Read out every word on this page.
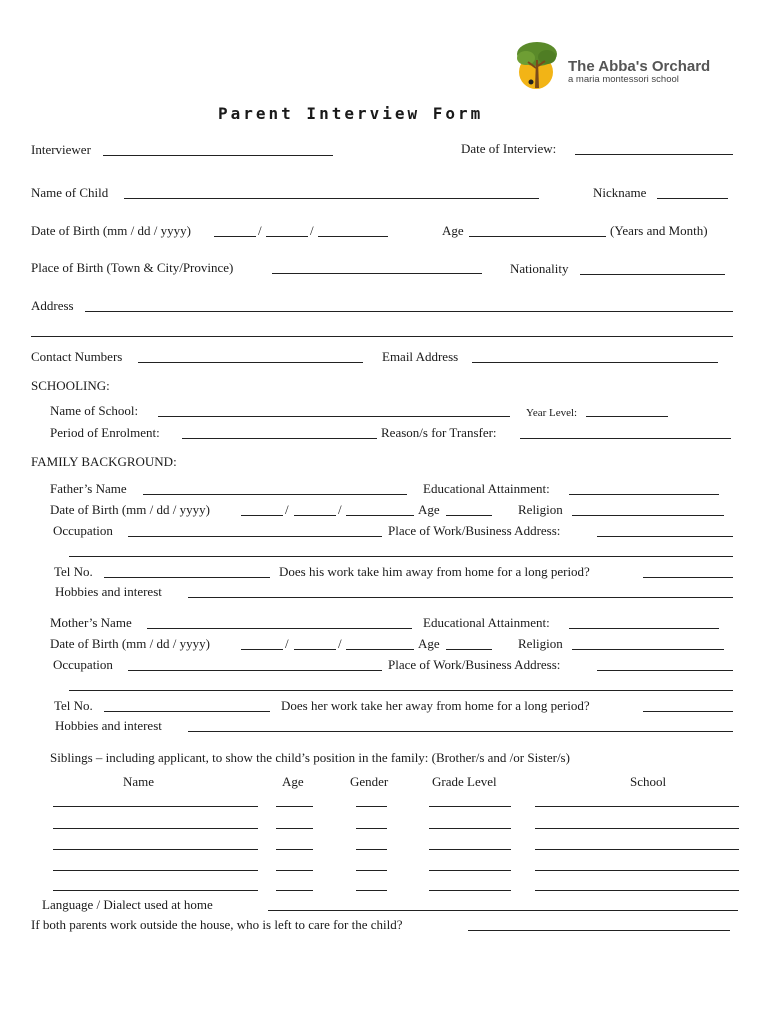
The Abba's Orchard
a maria montessori school
Parent Interview Form
Interviewer	Date of Interview:
Name of Child	Nickname
Date of Birth (mm / dd / yyyy)	/	/	Age	(Years and Month)
Place of Birth (Town & City/Province)	Nationality
Address
Contact Numbers	Email Address
SCHOOLING:
Name of School:	Year Level:
Period of Enrolment:	Reason/s for Transfer:
FAMILY BACKGROUND:
Father’s Name	Educational Attainment:
Date of Birth (mm / dd / yyyy)	/	/	Age	Religion
Occupation	Place of Work/Business Address:
Tel No.	Does his work take him away from home for a long period?
Hobbies and interest
Mother’s Name	Educational Attainment:
Date of Birth (mm / dd / yyyy)	/	/	Age	Religion
Occupation	Place of Work/Business Address:
Tel No.	Does her work take her away from home for a long period?
Hobbies and interest
Siblings – including applicant, to show the child’s position in the family: (Brother/s and /or Sister/s)
Name	Age	Gender	Grade Level	School
Language / Dialect used at home
If both parents work outside the house, who is left to care for the child?
